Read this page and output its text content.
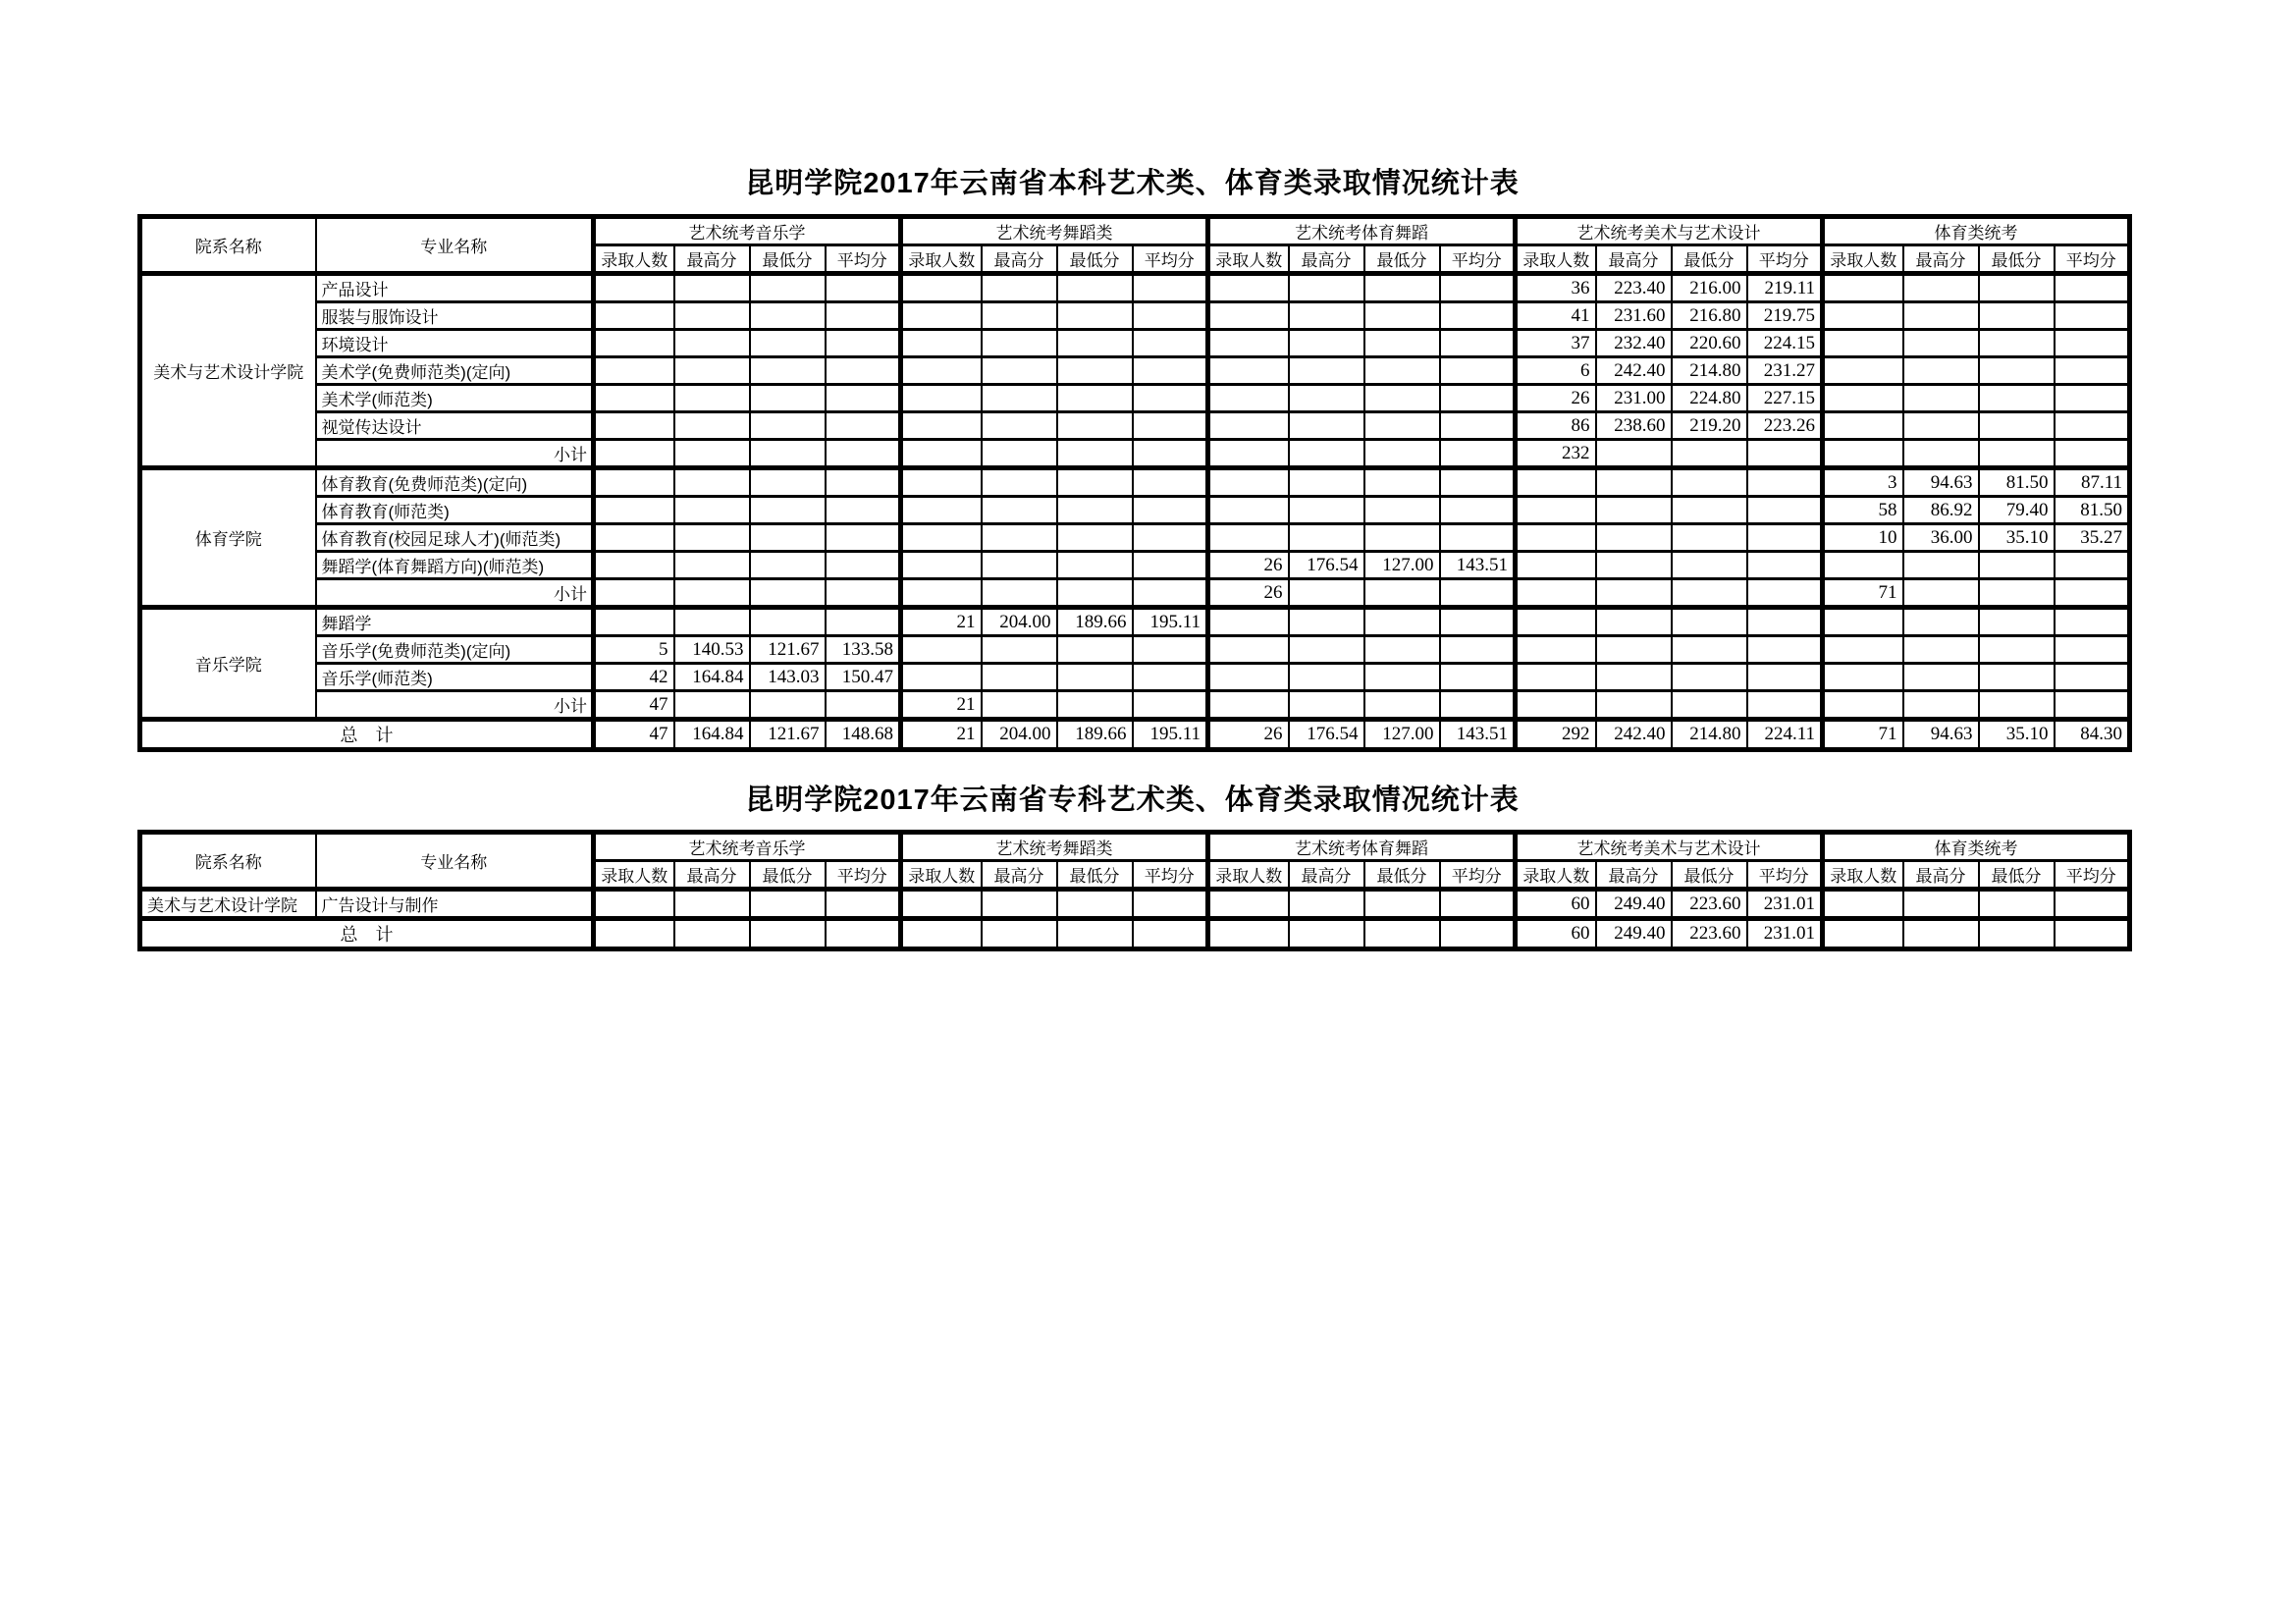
昆明学院2017年云南省本科艺术类、体育类录取情况统计表
院系名称	专业名称	艺术统考音乐学				艺术统考舞蹈类				艺术统考体育舞蹈				艺术统考美术与艺术设计				体育类统考			
		录取人数	最高分	最低分	平均分	录取人数	最高分	最低分	平均分	录取人数	最高分	最低分	平均分	录取人数	最高分	最低分	平均分	录取人数	最高分	最低分	平均分
美术与艺术设计学院	产品设计													36	223.40	216.00	219.11				
	服装与服饰设计													41	231.60	216.80	219.75				
	环境设计													37	232.40	220.60	224.15				
	美术学(免费师范类)(定向)													6	242.40	214.80	231.27				
	美术学(师范类)													26	231.00	224.80	227.15				
	视觉传达设计													86	238.60	219.20	223.26				
	小计													232							
体育学院	体育教育(免费师范类)(定向)																	3	94.63	81.50	87.11
	体育教育(师范类)																	58	86.92	79.40	81.50
	体育教育(校园足球人才)(师范类)																	10	36.00	35.10	35.27
	舞蹈学(体育舞蹈方向)(师范类)									26	176.54	127.00	143.51								
	小计									26								71			
音乐学院	舞蹈学					21	204.00	189.66	195.11												
	音乐学(免费师范类)(定向)	5	140.53	121.67	133.58																
	音乐学(师范类)	42	164.84	143.03	150.47																
	小计	47				21															
总　计		47	164.84	121.67	148.68	21	204.00	189.66	195.11	26	176.54	127.00	143.51	292	242.40	214.80	224.11	71	94.63	35.10	84.30
昆明学院2017年云南省专科艺术类、体育类录取情况统计表
院系名称	专业名称	艺术统考音乐学				艺术统考舞蹈类				艺术统考体育舞蹈				艺术统考美术与艺术设计				体育类统考			
		录取人数	最高分	最低分	平均分	录取人数	最高分	最低分	平均分	录取人数	最高分	最低分	平均分	录取人数	最高分	最低分	平均分	录取人数	最高分	最低分	平均分
美术与艺术设计学院	广告设计与制作													60	249.40	223.60	231.01				
总　计														60	249.40	223.60	231.01				
